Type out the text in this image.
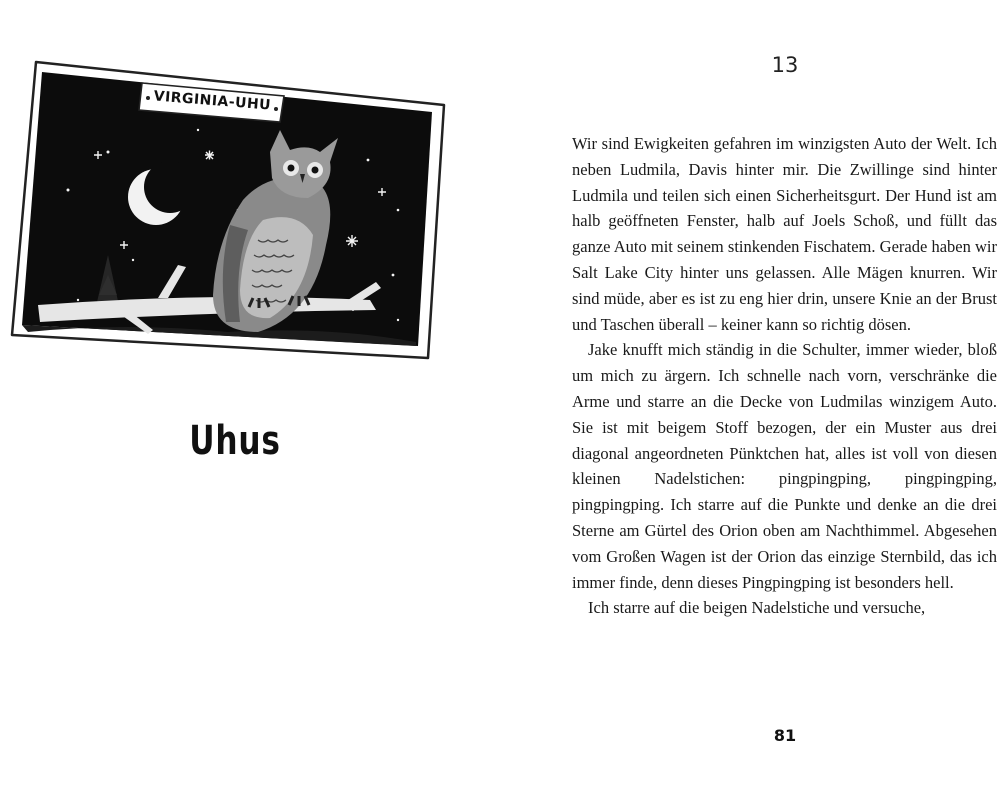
VIRGINIA-UHU
Uhus
13

Wir sind Ewigkeiten gefahren im winzigsten Auto der Welt. Ich neben Ludmila, Davis hinter mir. Die Zwillinge sind hinter Ludmila und teilen sich einen Sicherheitsgurt. Der Hund ist am halb geöffneten Fenster, halb auf Joels Schoß, und füllt das ganze Auto mit seinem stinkenden Fischatem. Gerade haben wir Salt Lake City hinter uns gelassen. Alle Mägen knurren. Wir sind müde, aber es ist zu eng hier drin, unsere Knie an der Brust und Taschen überall – keiner kann so richtig dösen.

Jake knufft mich ständig in die Schulter, immer wieder, bloß um mich zu ärgern. Ich schnelle nach vorn, verschränke die Arme und starre an die Decke von Ludmilas winzigem Auto. Sie ist mit beigem Stoff bezogen, der ein Muster aus drei diagonal angeordneten Pünktchen hat, alles ist voll von diesen kleinen Nadelstichen: pingpingping, pingpingping, pingpingping. Ich starre auf die Punkte und denke an die drei Sterne am Gürtel des Orion oben am Nachthimmel. Abgesehen vom Großen Wagen ist der Orion das einzige Sternbild, das ich immer finde, denn dieses Pingpingping ist besonders hell.

Ich starre auf die beigen Nadelstiche und versuche,

81
